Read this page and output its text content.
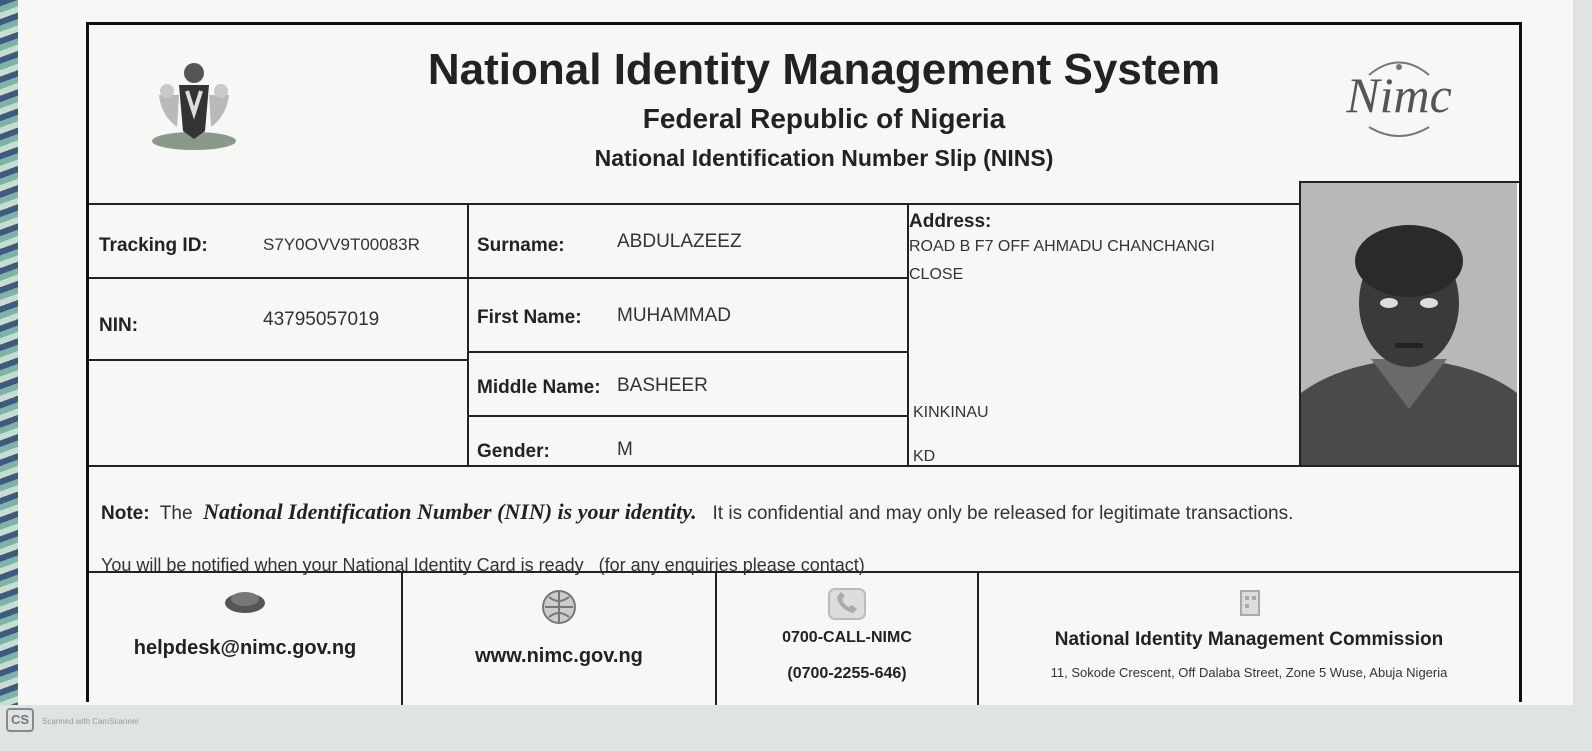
National Identity Management System
Federal Republic of Nigeria
National Identification Number Slip (NINS)
Nimc
Tracking ID:	S7Y0OVV9T00083R
NIN:	43795057019
Surname:	ABDULAZEEZ
First Name: MUHAMMAD
Middle Name: BASHEER
Gender:	M
Address:
ROAD B F7 OFF AHMADU CHANCHANGI
CLOSE
KINKINAU
KD
Note: The National Identification Number (NIN) is your identity. It is confidential and may only be released for legitimate transactions.
You will be notified when your National Identity Card is ready (for any enquiries please contact)
helpdesk@nimc.gov.ng	www.nimc.gov.ng
0700-CALL-NIMC
(0700-2255-646)
National Identity Management Commission
11, Sokode Crescent, Off Dalaba Street, Zone 5 Wuse, Abuja Nigeria
CS	Scanned with CamScanner
